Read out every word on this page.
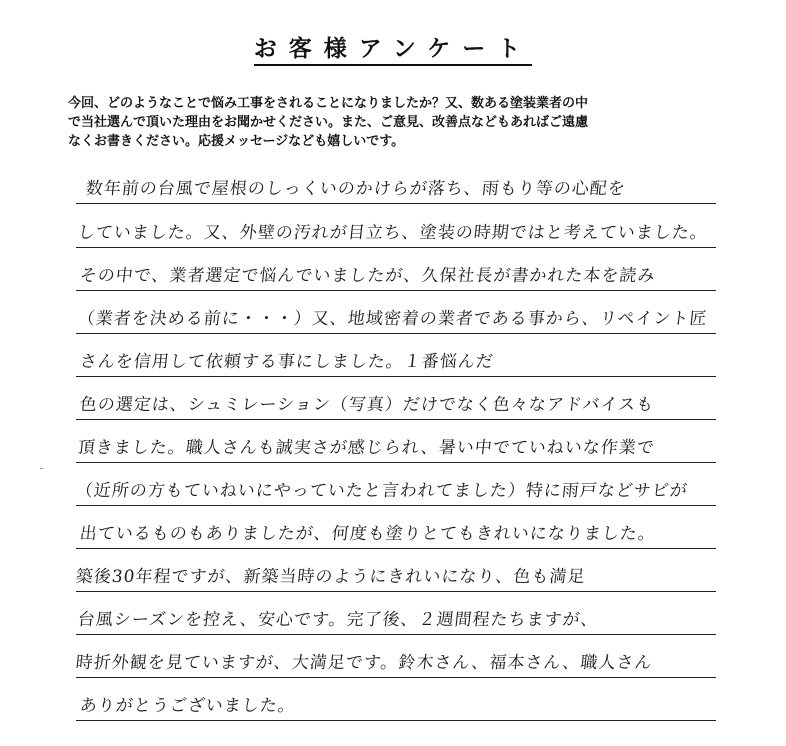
お客様アンケート
今回、どのようなことで悩み工事をされることになりましたか？又、数ある塗装業者の中
で当社選んで頂いた理由をお聞かせください。また、ご意見、改善点などもあればご遠慮
なくお書きください。応援メッセージなども嬉しいです。
数年前の台風で屋根のしっくいのかけらが落ち、雨もり等の心配を
していました。又、外壁の汚れが目立ち、塗装の時期ではと考えていました。
その中で、業者選定で悩んでいましたが、久保社長が書かれた本を読み
（業者を決める前に・・・）又、地域密着の業者である事から、リペイント匠
さんを信用して依頼する事にしました。１番悩んだ
色の選定は、シュミレーション（写真）だけでなく色々なアドバイスも
頂きました。職人さんも誠実さが感じられ、暑い中でていねいな作業で
（近所の方もていねいにやっていたと言われてました）特に雨戸などサビが
出ているものもありましたが、何度も塗りとてもきれいになりました。
築後30年程ですが、新築当時のようにきれいになり、色も満足
台風シーズンを控え、安心です。完了後、２週間程たちますが、
時折外観を見ていますが、大満足です。鈴木さん、福本さん、職人さん
ありがとうございました。
